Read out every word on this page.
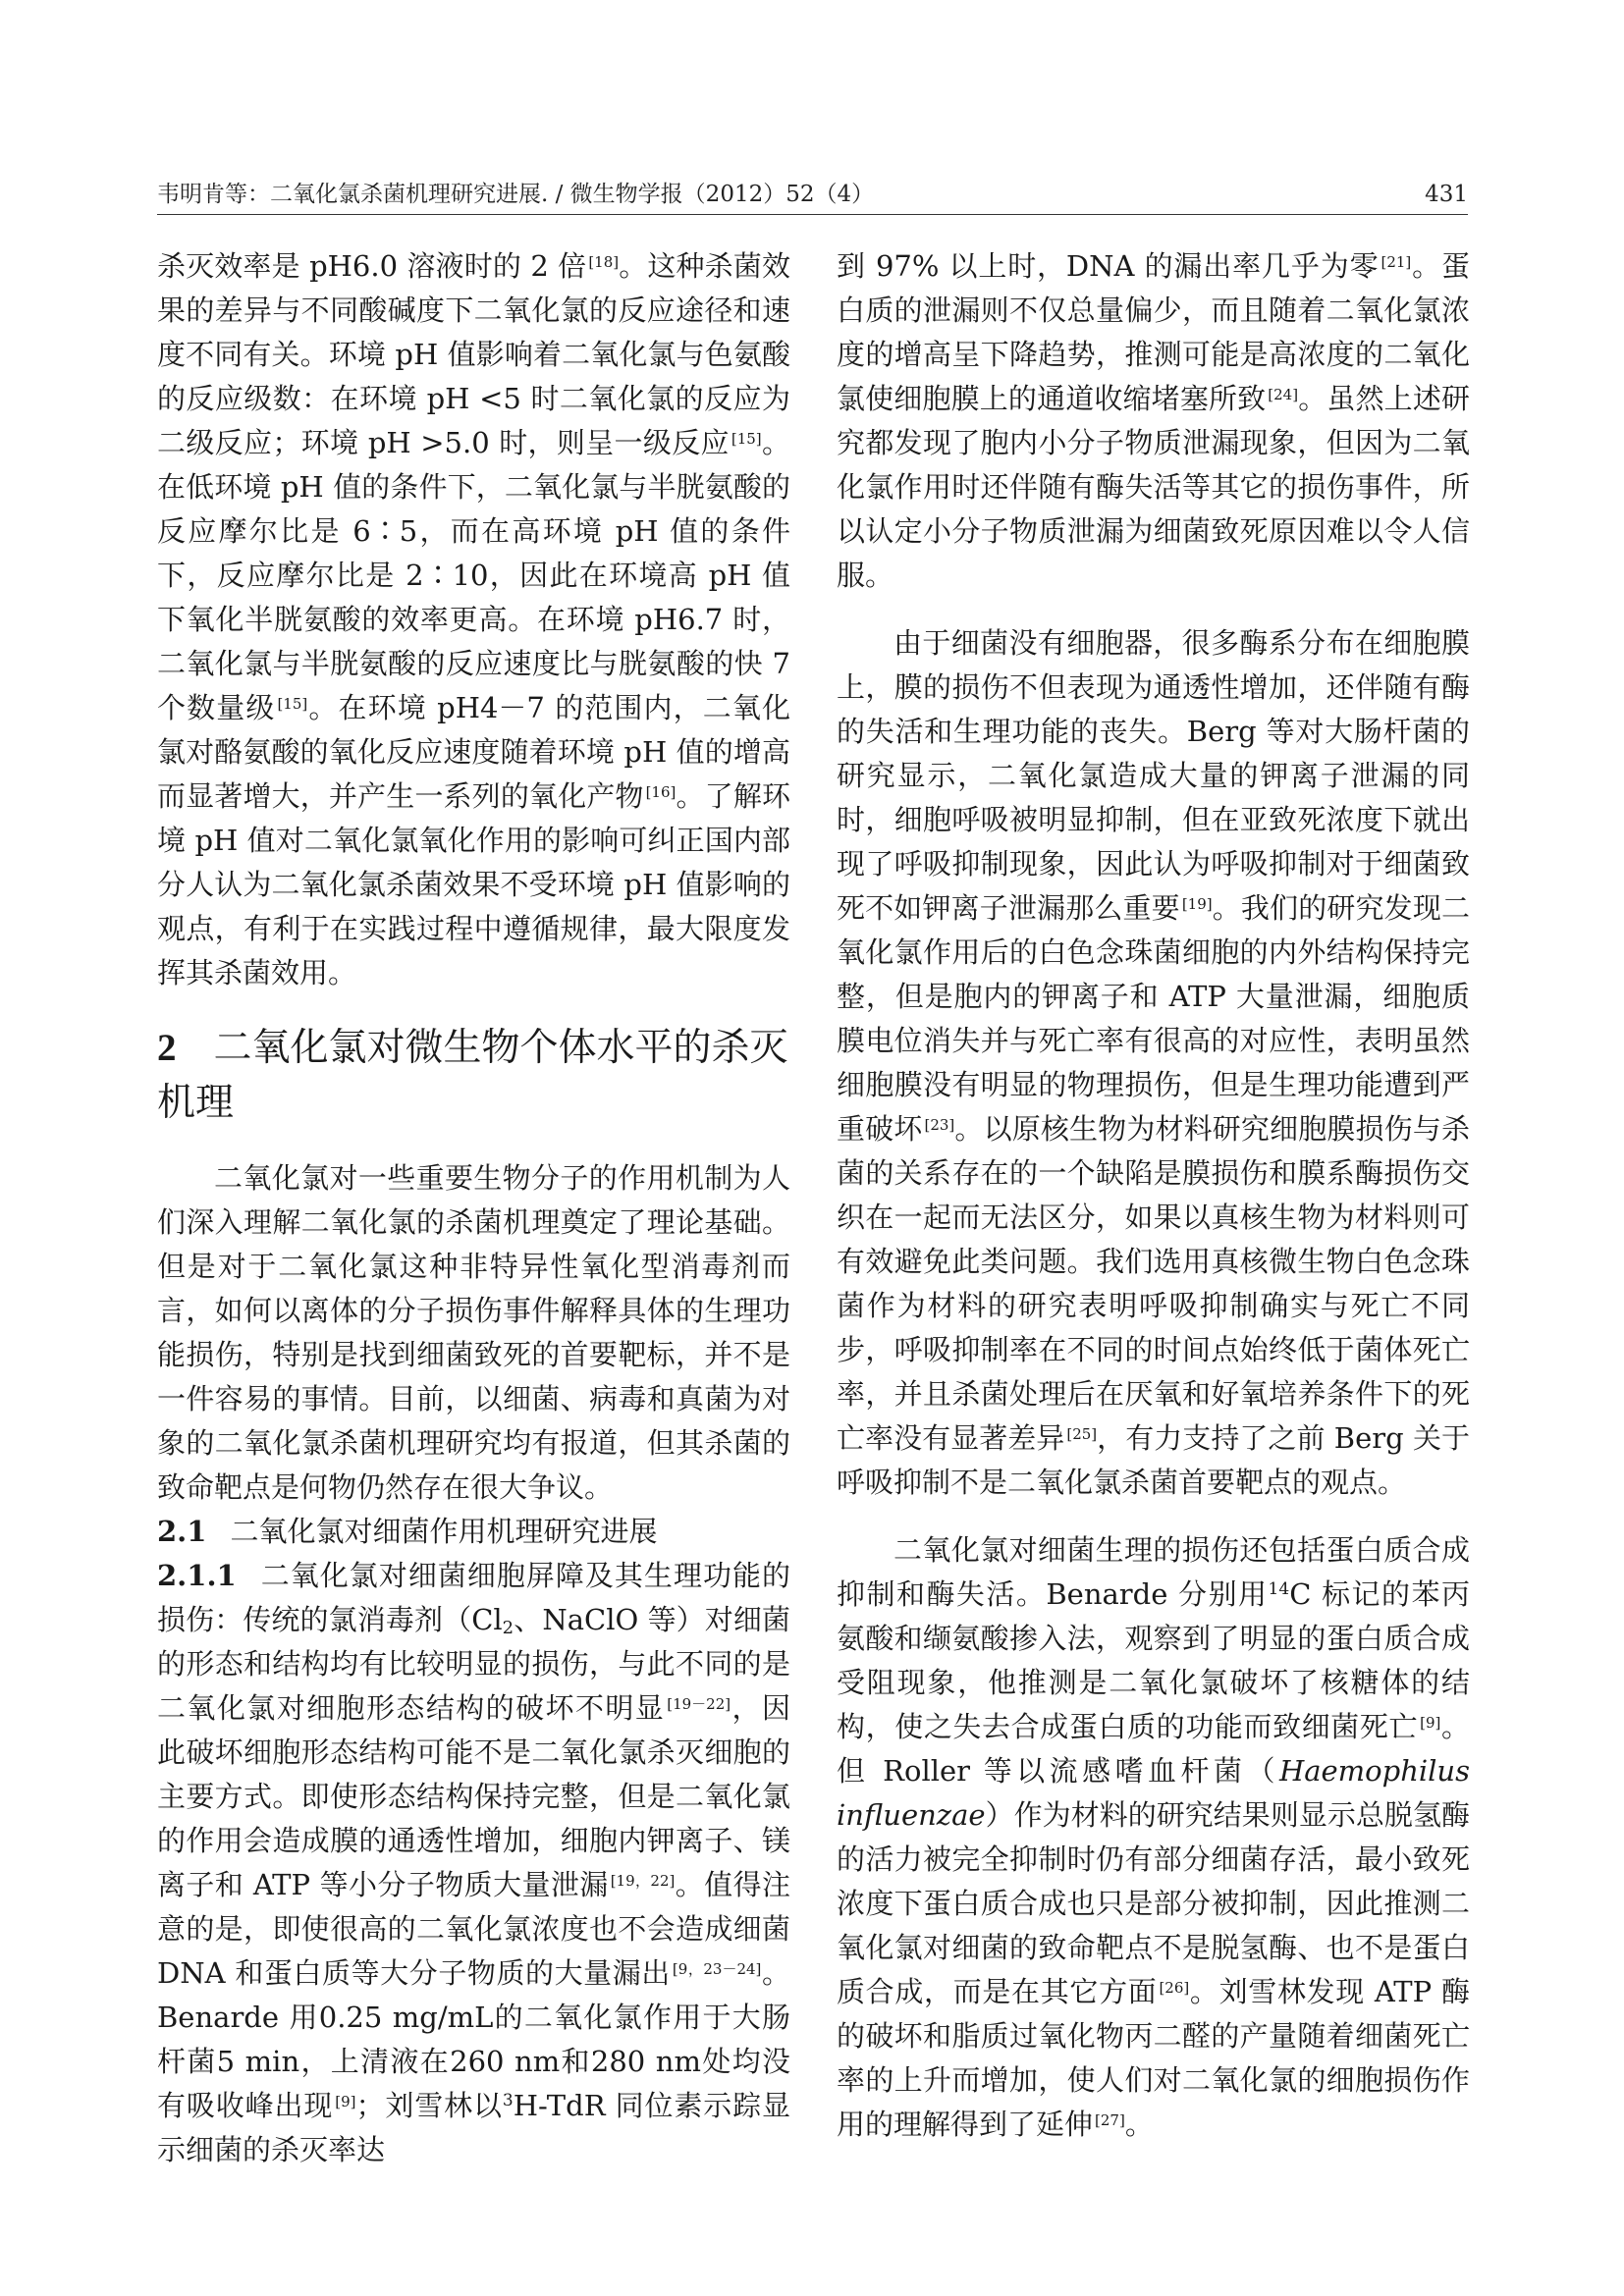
韦明肯等：二氧化氯杀菌机理研究进展. / 微生物学报（2012）52（4）	431

杀灭效率是 pH6.0 溶液时的 2 倍 [18]。这种杀菌效果的差异与不同酸碱度下二氧化氯的反应途径和速度不同有关。环境 pH 值影响着二氧化氯与色氨酸的反应级数：在环境 pH <5 时二氧化氯的反应为二级反应；环境 pH >5.0 时，则呈一级反应 [15]。在低环境 pH 值的条件下，二氧化氯与半胱氨酸的反应摩尔比是 6∶5，而在高环境 pH 值的条件下，反应摩尔比是 2∶10，因此在环境高 pH 值下氧化半胱氨酸的效率更高。在环境 pH6.7 时，二氧化氯与半胱氨酸的反应速度比与胱氨酸的快 7 个数量级 [15]。在环境 pH4－7 的范围内，二氧化氯对酪氨酸的氧化反应速度随着环境 pH 值的增高而显著增大，并产生一系列的氧化产物 [16]。了解环境 pH 值对二氧化氯氧化作用的影响可纠正国内部分人认为二氧化氯杀菌效果不受环境 pH 值影响的观点，有利于在实践过程中遵循规律，最大限度发挥其杀菌效用。

2 二氧化氯对微生物个体水平的杀灭机理

二氧化氯对一些重要生物分子的作用机制为人们深入理解二氧化氯的杀菌机理奠定了理论基础。但是对于二氧化氯这种非特异性氧化型消毒剂而言，如何以离体的分子损伤事件解释具体的生理功能损伤，特别是找到细菌致死的首要靶标，并不是一件容易的事情。目前，以细菌、病毒和真菌为对象的二氧化氯杀菌机理研究均有报道，但其杀菌的致命靶点是何物仍然存在很大争议。

2.1 二氧化氯对细菌作用机理研究进展

2.1.1 二氧化氯对细菌细胞屏障及其生理功能的损伤：传统的氯消毒剂（$Cl_2$、NaClO 等）对细菌的形态和结构均有比较明显的损伤，与此不同的是二氧化氯对细胞形态结构的破坏不明显 [19－22]，因此破坏细胞形态结构可能不是二氧化氯杀灭细胞的主要方式。即使形态结构保持完整，但是二氧化氯的作用会造成膜的通透性增加，细胞内钾离子、镁离子和 ATP 等小分子物质大量泄漏 [19，22]。值得注意的是，即使很高的二氧化氯浓度也不会造成细菌 DNA 和蛋白质等大分子物质的大量漏出 [9，23－24]。Benarde 用0.25 mg/mL的二氧化氯作用于大肠杆菌5 min，上清液在260 nm和280 nm处均没有吸收峰出现 [9]；刘雪林以$^3$H-TdR 同位素示踪显示细菌的杀灭率达

到 97% 以上时，DNA 的漏出率几乎为零 [21]。蛋白质的泄漏则不仅总量偏少，而且随着二氧化氯浓度的增高呈下降趋势，推测可能是高浓度的二氧化氯使细胞膜上的通道收缩堵塞所致 [24]。虽然上述研究都发现了胞内小分子物质泄漏现象，但因为二氧化氯作用时还伴随有酶失活等其它的损伤事件，所以认定小分子物质泄漏为细菌致死原因难以令人信服。

由于细菌没有细胞器，很多酶系分布在细胞膜上，膜的损伤不但表现为通透性增加，还伴随有酶的失活和生理功能的丧失。Berg 等对大肠杆菌的研究显示，二氧化氯造成大量的钾离子泄漏的同时，细胞呼吸被明显抑制，但在亚致死浓度下就出现了呼吸抑制现象，因此认为呼吸抑制对于细菌致死不如钾离子泄漏那么重要 [19]。我们的研究发现二氧化氯作用后的白色念珠菌细胞的内外结构保持完整，但是胞内的钾离子和 ATP 大量泄漏，细胞质膜电位消失并与死亡率有很高的对应性，表明虽然细胞膜没有明显的物理损伤，但是生理功能遭到严重破坏 [23]。以原核生物为材料研究细胞膜损伤与杀菌的关系存在的一个缺陷是膜损伤和膜系酶损伤交织在一起而无法区分，如果以真核生物为材料则可有效避免此类问题。我们选用真核微生物白色念珠菌作为材料的研究表明呼吸抑制确实与死亡不同步，呼吸抑制率在不同的时间点始终低于菌体死亡率，并且杀菌处理后在厌氧和好氧培养条件下的死亡率没有显著差异 [25]，有力支持了之前 Berg 关于呼吸抑制不是二氧化氯杀菌首要靶点的观点。

二氧化氯对细菌生理的损伤还包括蛋白质合成抑制和酶失活。Benarde 分别用$^{14}$C 标记的苯丙氨酸和缬氨酸掺入法，观察到了明显的蛋白质合成受阻现象，他推测是二氧化氯破坏了核糖体的结构，使之失去合成蛋白质的功能而致细菌死亡 [9]。但 Roller 等以流感嗜血杆菌（Haemophilus influenzae）作为材料的研究结果则显示总脱氢酶的活力被完全抑制时仍有部分细菌存活，最小致死浓度下蛋白质合成也只是部分被抑制，因此推测二氧化氯对细菌的致命靶点不是脱氢酶、也不是蛋白质合成，而是在其它方面 [26]。刘雪林发现 ATP 酶的破坏和脂质过氧化物丙二醛的产量随着细菌死亡率的上升而增加，使人们对二氧化氯的细胞损伤作用的理解得到了延伸 [27]。
